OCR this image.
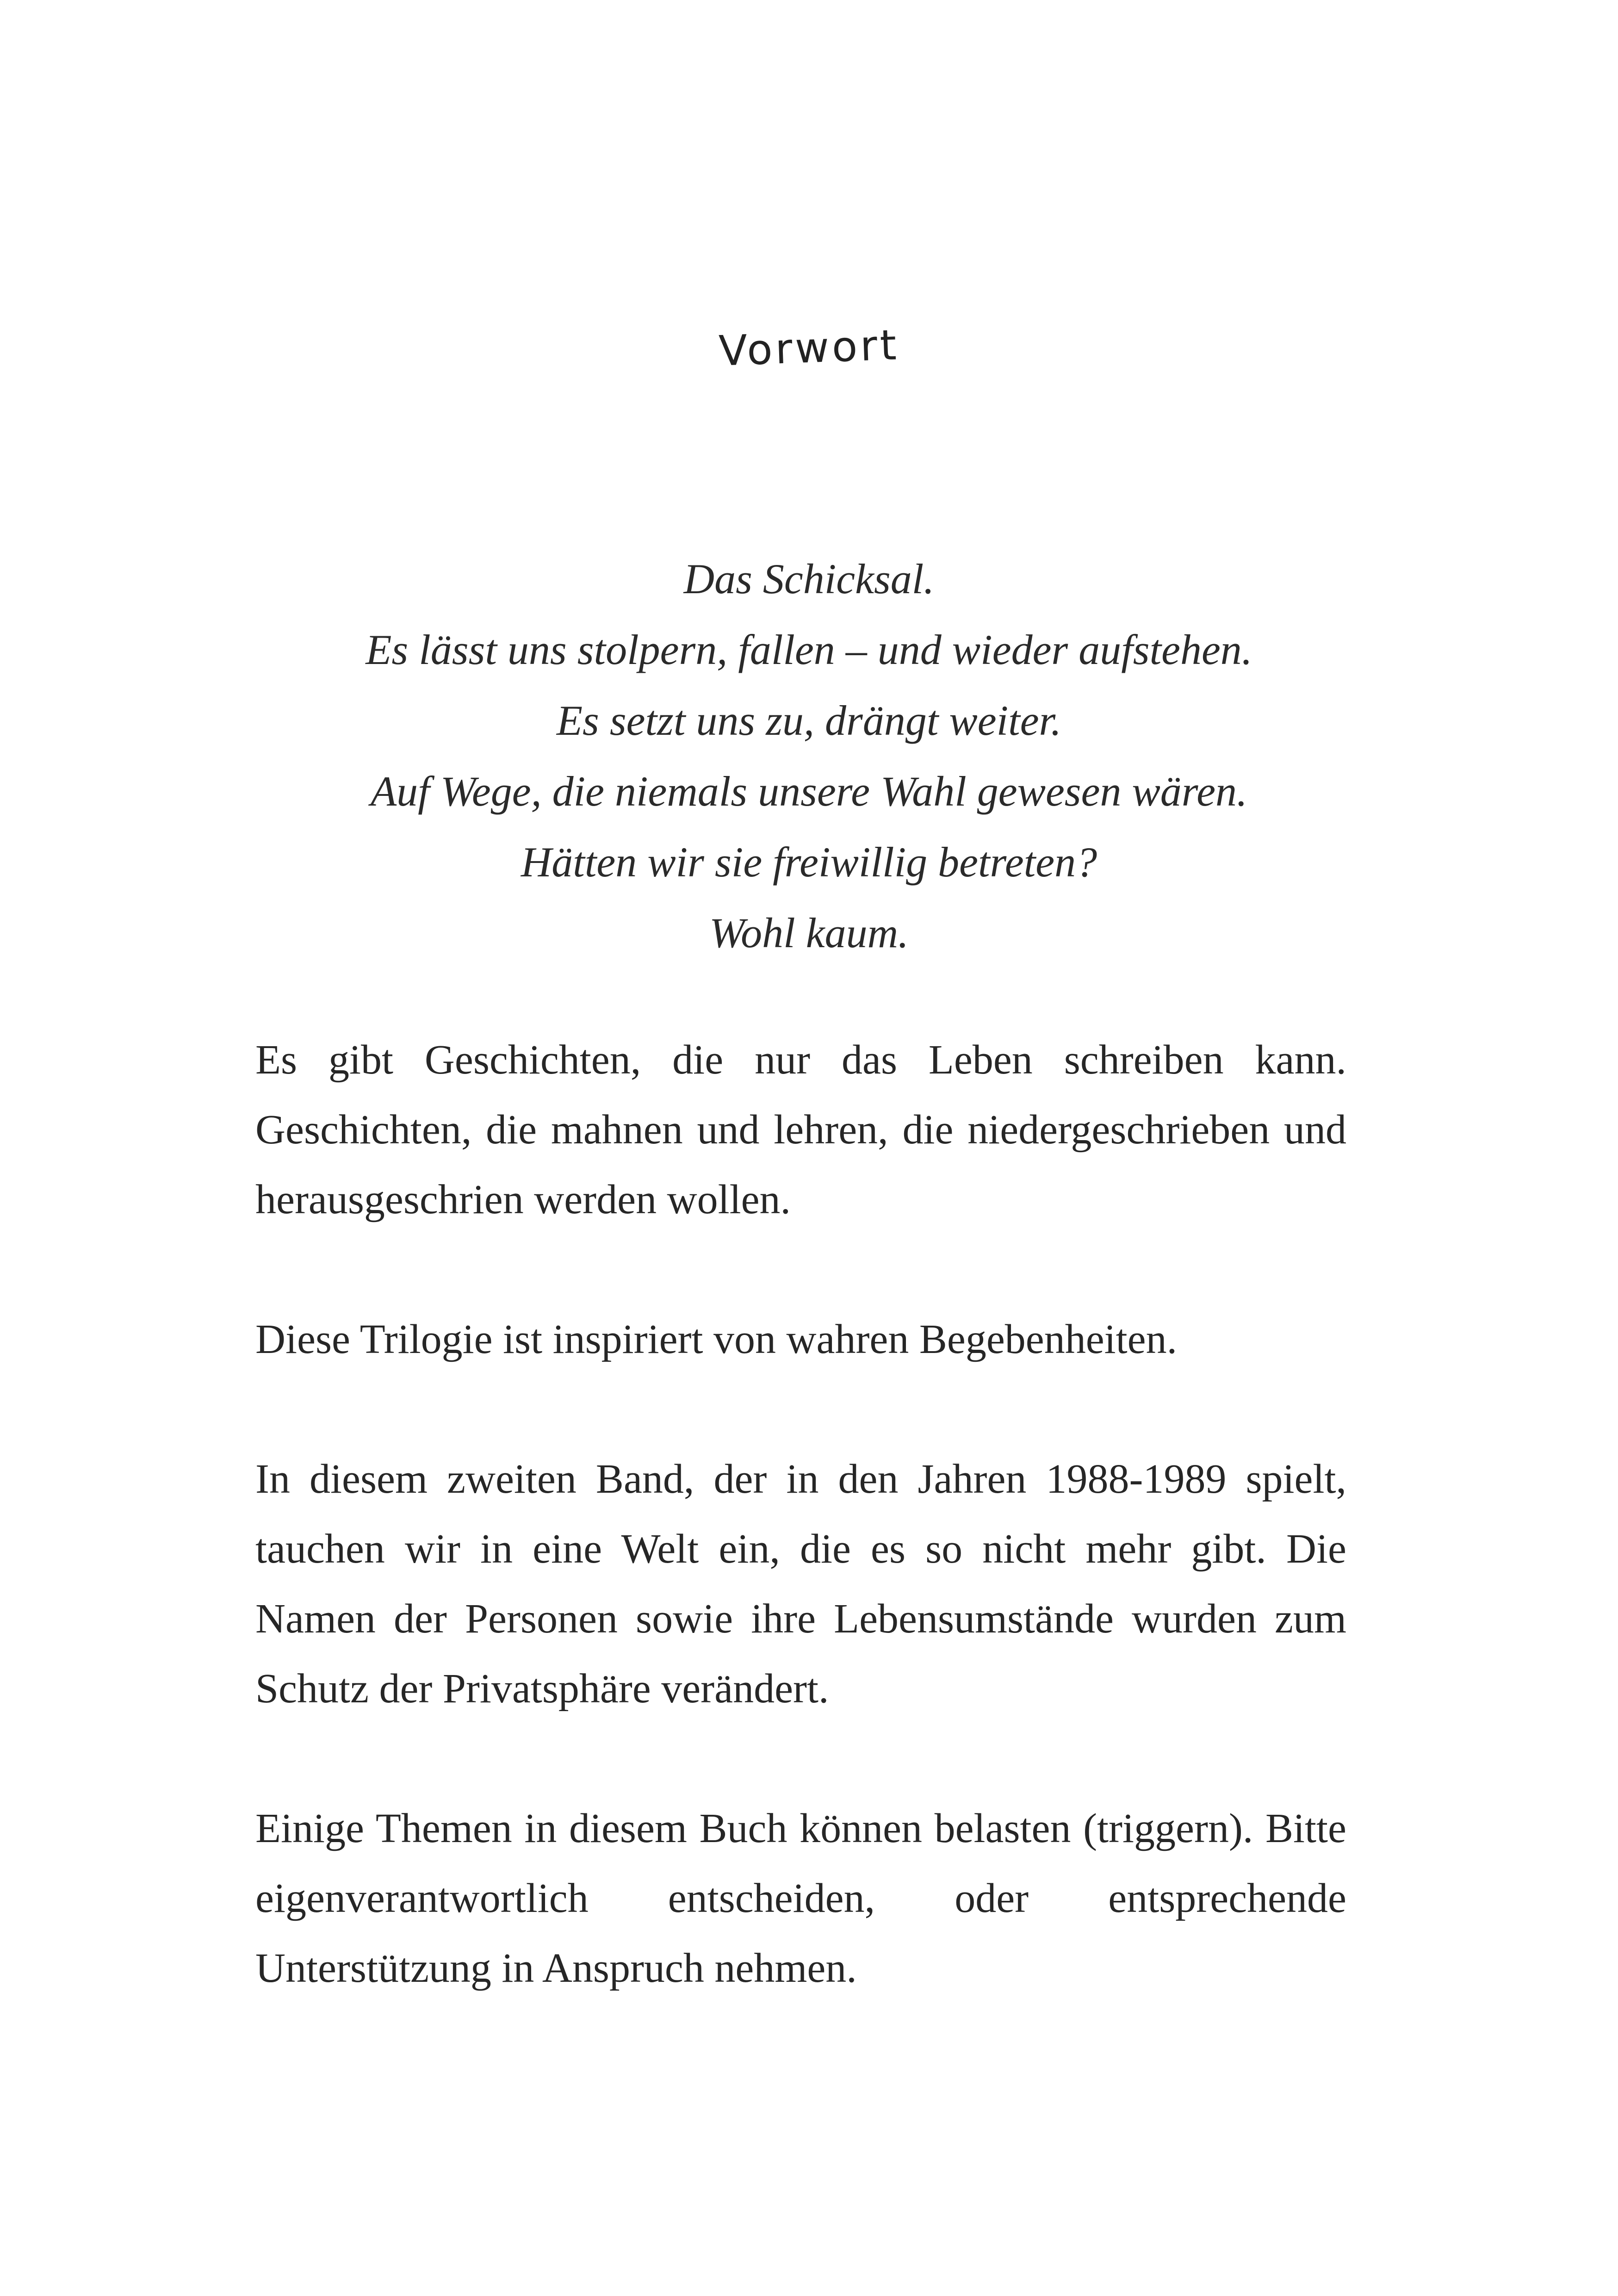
Vorwort
Das Schicksal.
Es lässt uns stolpern, fallen – und wieder aufstehen.
Es setzt uns zu, drängt weiter.
Auf Wege, die niemals unsere Wahl gewesen wären.
Hätten wir sie freiwillig betreten?
Wohl kaum.

Es gibt Geschichten, die nur das Leben schreiben kann. Geschichten, die mahnen und lehren, die niedergeschrieben und herausgeschrien werden wollen.

Diese Trilogie ist inspiriert von wahren Begebenheiten.

In diesem zweiten Band, der in den Jahren 1988-1989 spielt, tauchen wir in eine Welt ein, die es so nicht mehr gibt. Die Namen der Personen sowie ihre Lebensumstände wurden zum Schutz der Privatsphäre verändert.

Einige Themen in diesem Buch können belasten (triggern). Bitte eigenverantwortlich entscheiden, oder entsprechende Unterstützung in Anspruch nehmen.
